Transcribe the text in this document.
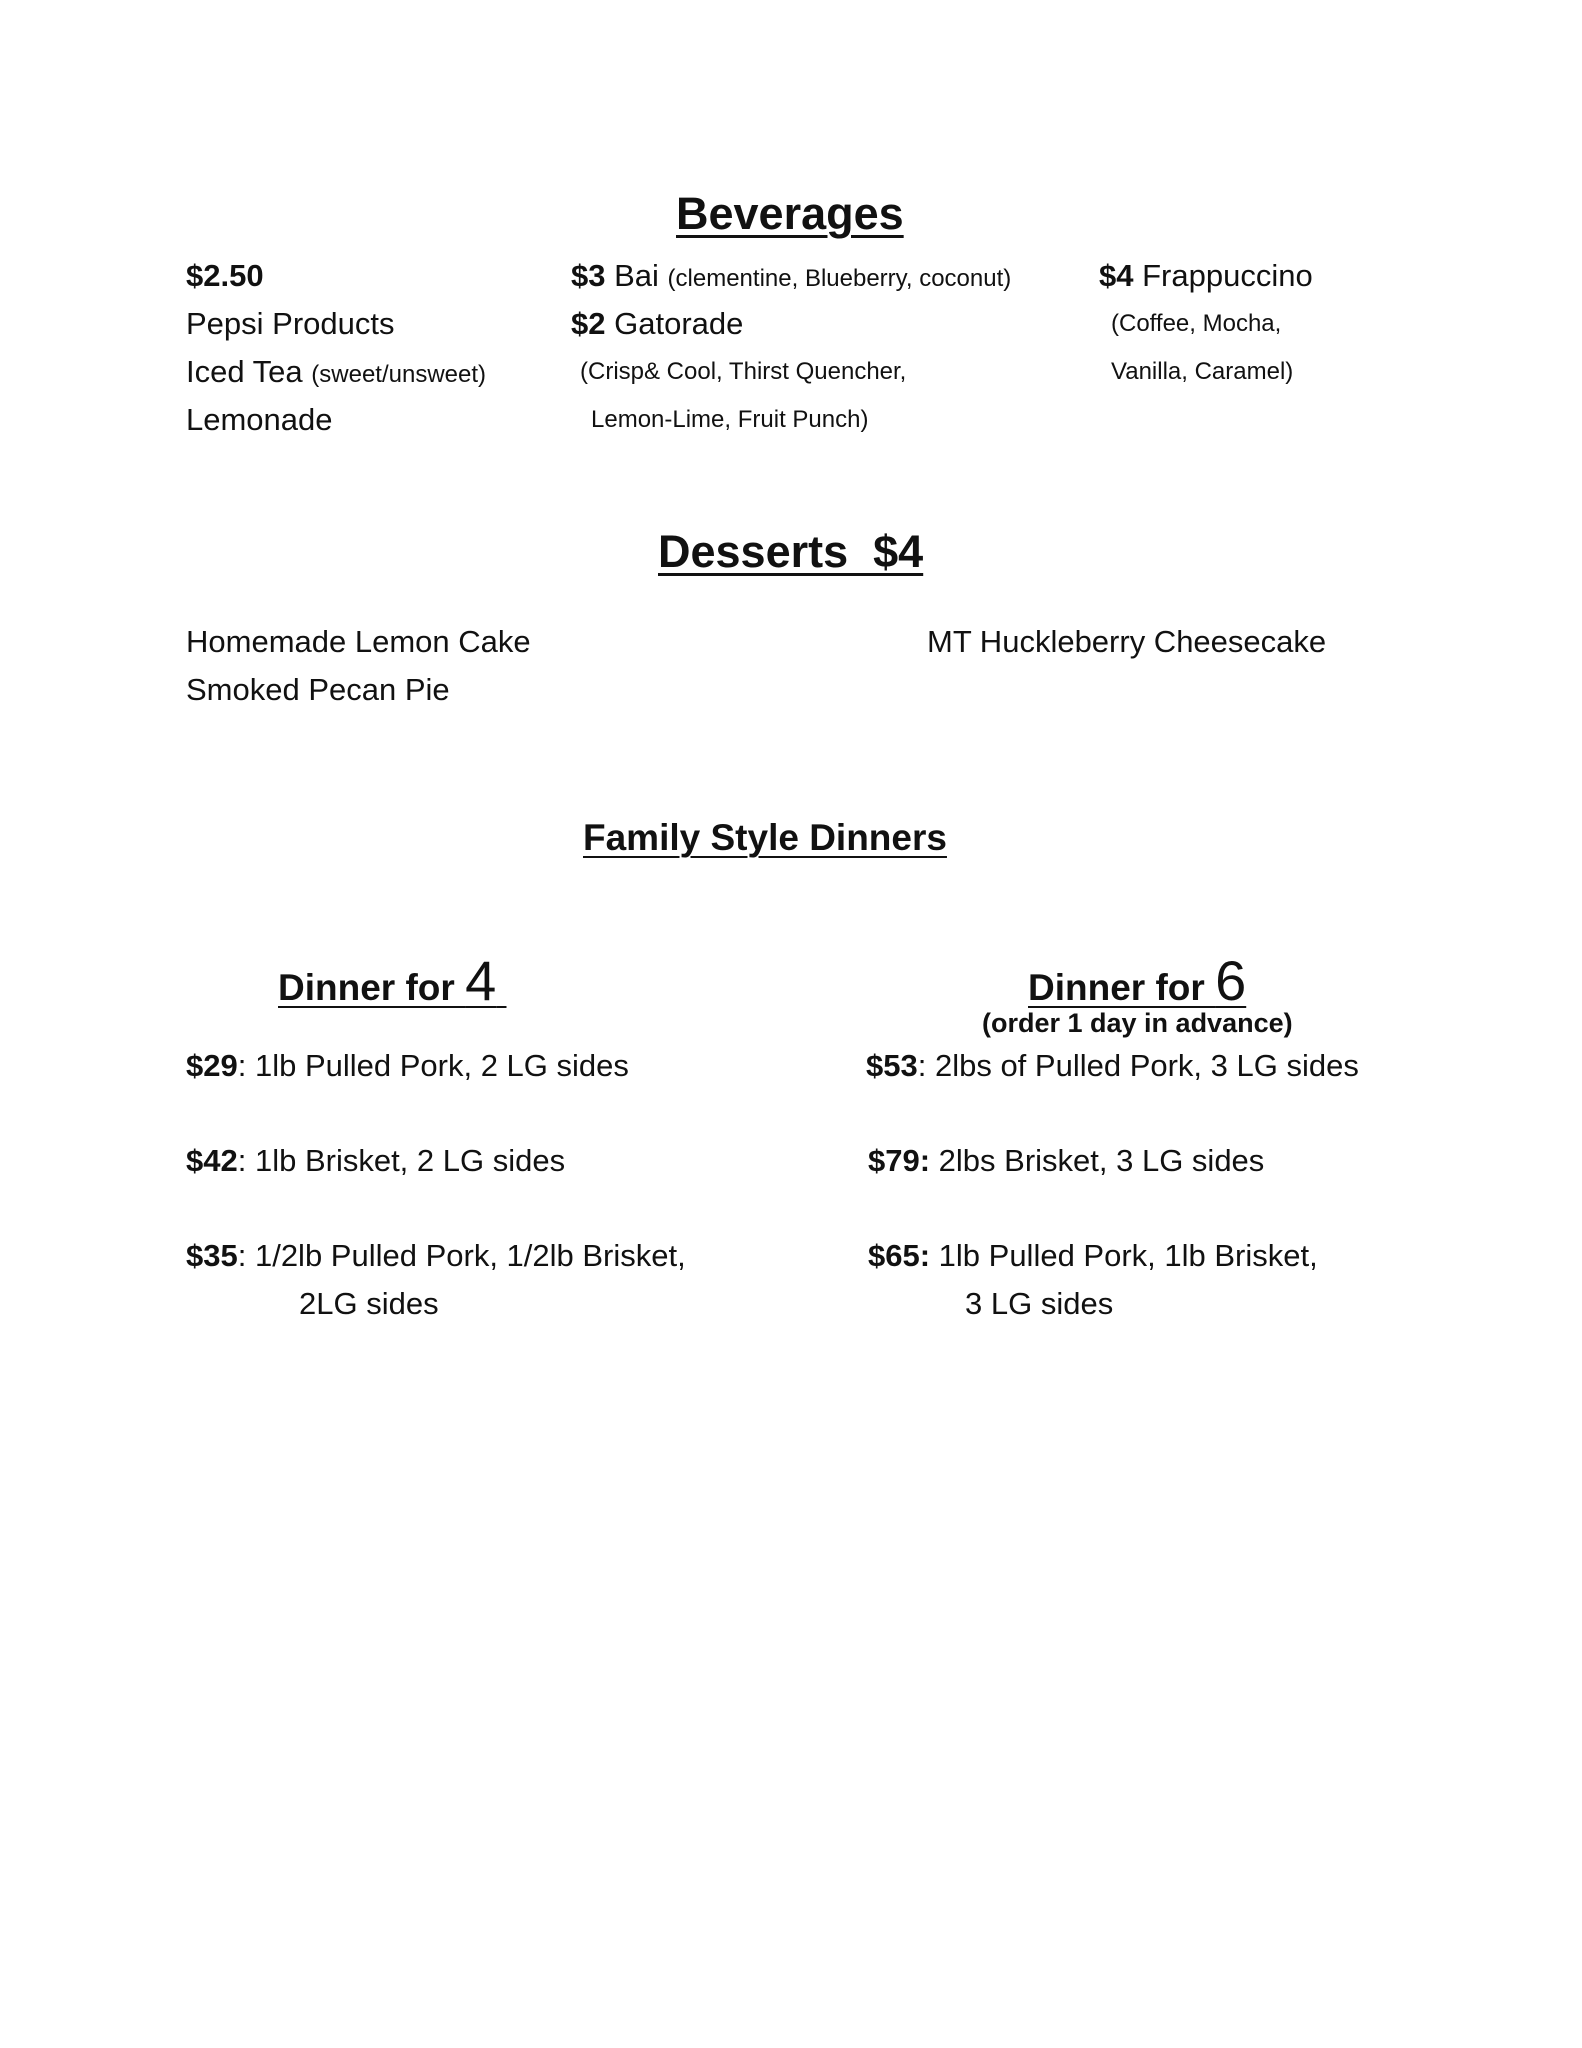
Beverages
$2.50
Pepsi Products
Iced Tea (sweet/unsweet)
Lemonade
$3 Bai (clementine, Blueberry, coconut)
$2 Gatorade
(Crisp& Cool, Thirst Quencher,
Lemon-Lime, Fruit Punch)
$4 Frappuccino
(Coffee, Mocha,
Vanilla, Caramel)
Desserts  $4
Homemade Lemon Cake
Smoked Pecan Pie
MT Huckleberry Cheesecake
Family Style Dinners
Dinner for 4
$29: 1lb Pulled Pork, 2 LG sides
$42: 1lb Brisket, 2 LG sides
$35: 1/2lb Pulled Pork, 1/2lb Brisket,
2LG sides
Dinner for 6
(order 1 day in advance)
$53: 2lbs of Pulled Pork, 3 LG sides
$79: 2lbs Brisket, 3 LG sides
$65: 1lb Pulled Pork, 1lb Brisket,
3 LG sides
